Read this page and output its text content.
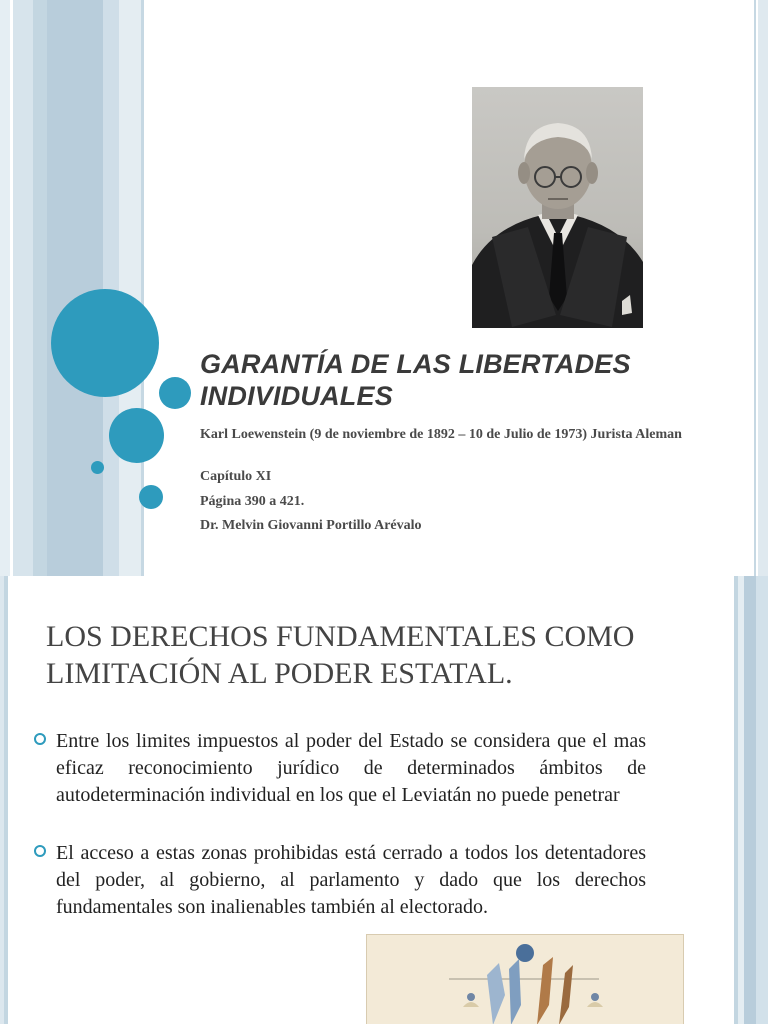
GARANTÍA DE LAS LIBERTADES INDIVIDUALES
Karl Loewenstein (9 de noviembre de 1892 – 10 de Julio de 1973) Jurista Aleman
Capítulo XI
Página 390 a 421.
Dr. Melvin Giovanni Portillo Arévalo
LOS DERECHOS FUNDAMENTALES COMO LIMITACIÓN AL PODER ESTATAL.
Entre los limites impuestos al poder del Estado se considera que el mas eficaz reconocimiento jurídico de determinados ámbitos de autodeterminación individual en los que el Leviatán no puede penetrar
El acceso a estas zonas prohibidas está cerrado a todos los detentadores del poder, al gobierno, al parlamento y dado que los derechos fundamentales son inalienables también al electorado.
